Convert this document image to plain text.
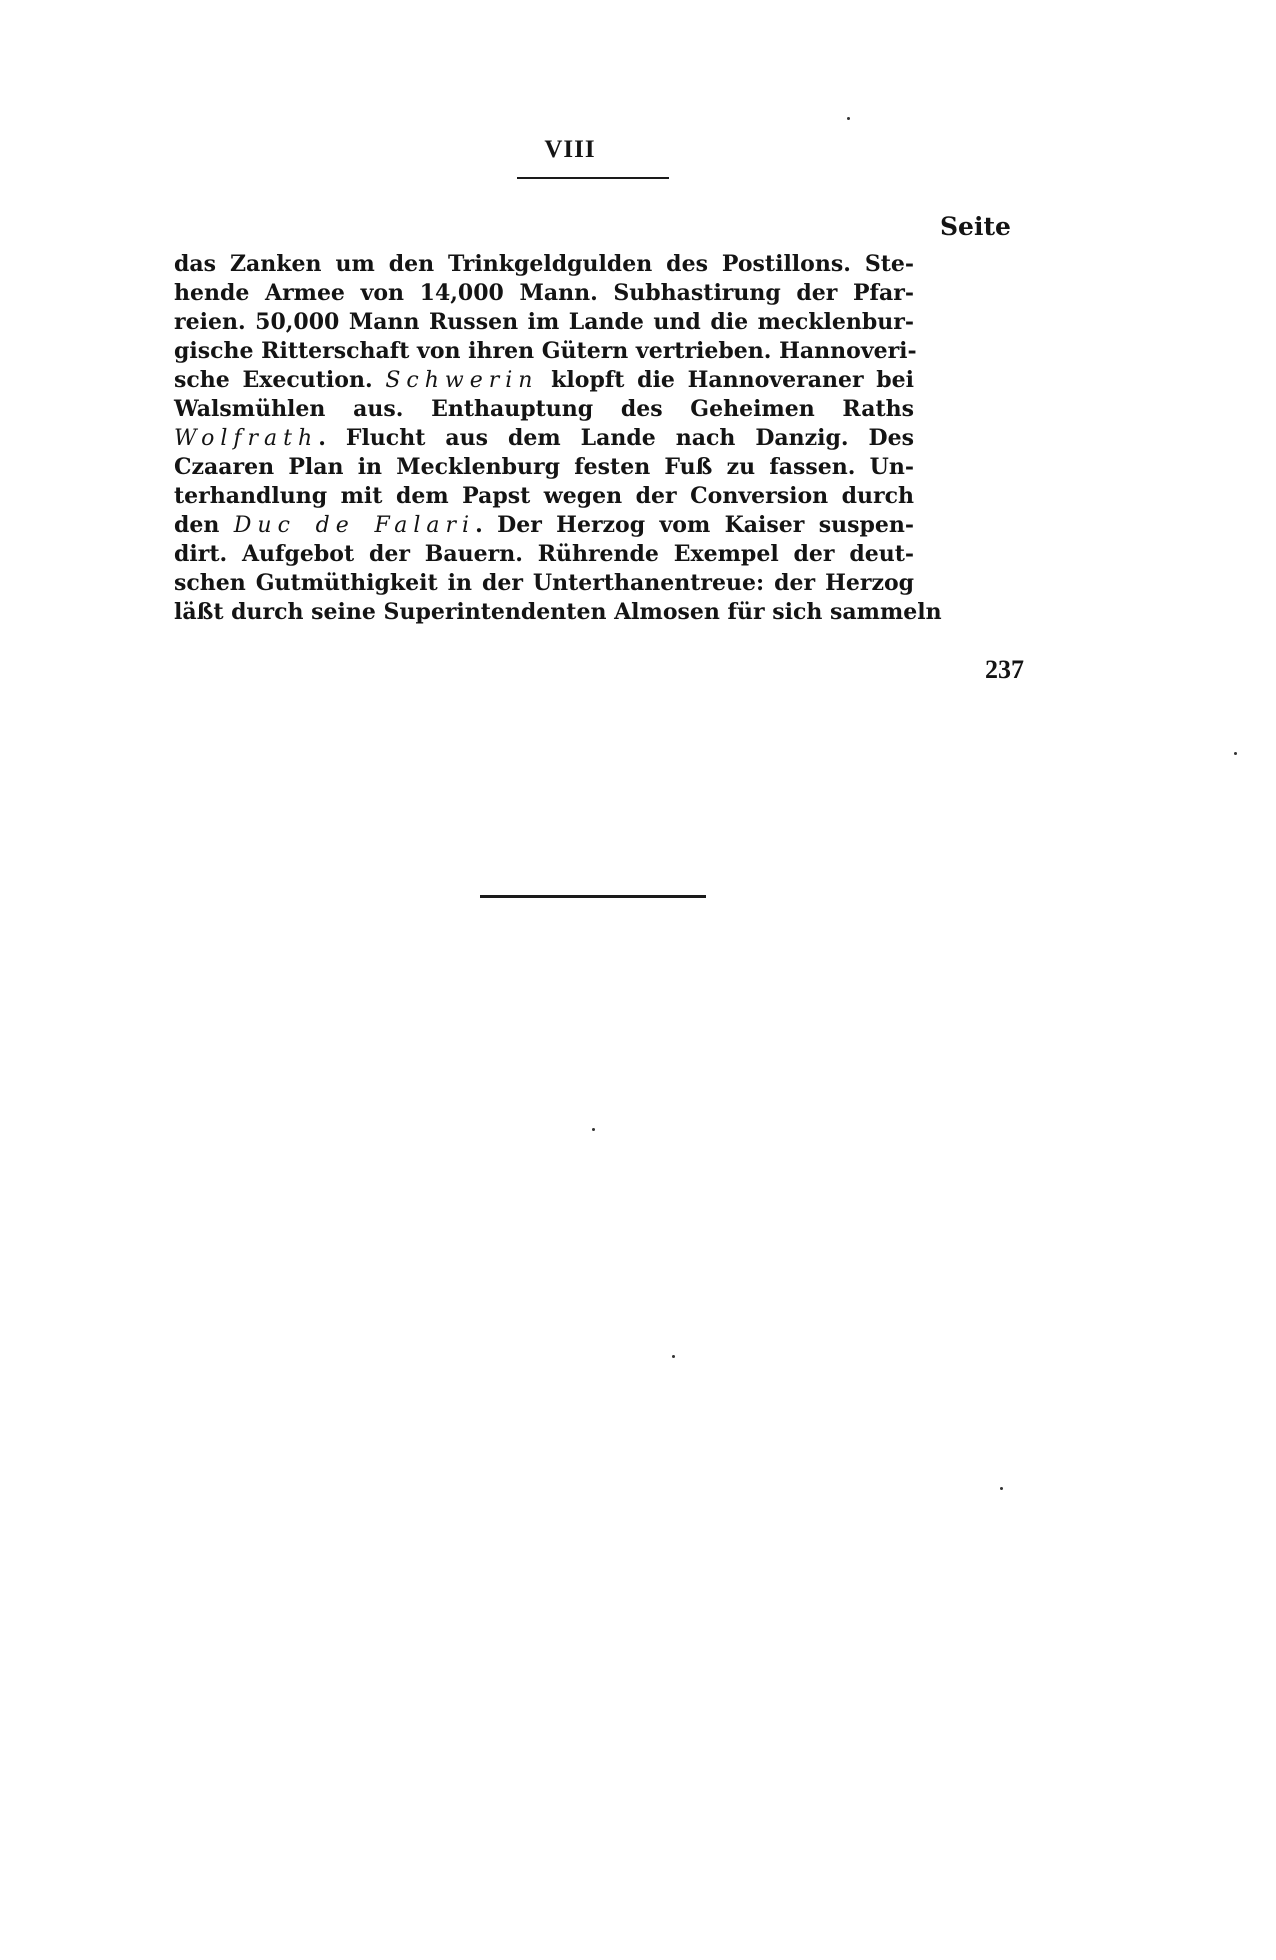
VIII
Seite
das Zanken um den Trinkgeldgulden des Postillons. Ste-
hende Armee von 14,000 Mann. Subhastirung der Pfar-
reien. 50,000 Mann Russen im Lande und die mecklenbur-
gische Ritterschaft von ihren Gütern vertrieben. Hannoveri-
sche Execution. Schwerin klopft die Hannoveraner bei
Walsmühlen aus. Enthauptung des Geheimen Raths
Wolfrath. Flucht aus dem Lande nach Danzig. Des
Czaaren Plan in Mecklenburg festen Fuß zu fassen. Un-
terhandlung mit dem Papst wegen der Conversion durch
den Duc de Falari. Der Herzog vom Kaiser suspen-
dirt. Aufgebot der Bauern. Rührende Exempel der deut-
schen Gutmüthigkeit in der Unterthanentreue: der Herzog
läßt durch seine Superintendenten Almosen für sich sammeln
237
